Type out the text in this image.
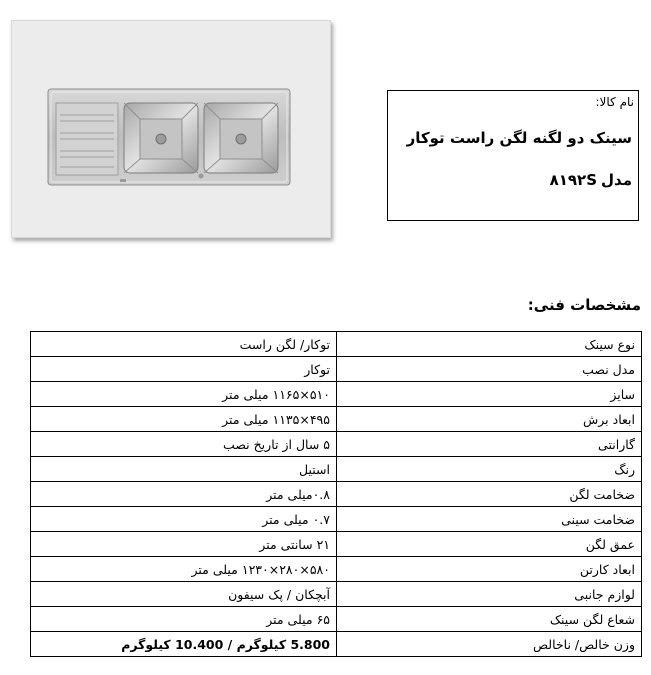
نام کالا:
سینک دو لگنه لگن راست توکار
مدل۸۱۹۲S
مشخصات فنی:
نوع سینک	توکار/ لگن راست
مدل نصب	توکار
سایز	۵۱۰×۱۱۶۵ میلی متر
ابعاد برش	۴۹۵×۱۱۳۵ میلی متر
گارانتی	۵ سال از تاریخ نصب
رنگ	استیل
ضخامت لگن	۰.۸میلی متر
ضخامت سینی	۰.۷ میلی متر
عمق لگن	۲۱ سانتی متر
ابعاد کارتن	۵۸۰×۲۸۰×۱۲۳۰ میلی متر
لوازم جانبی	آبچکان / پک سیفون
شعاع لگن سینک	۶۵ میلی متر
وزن خالص/ ناخالص	5.800 کیلوگرم / 10.400 کیلوگرم
